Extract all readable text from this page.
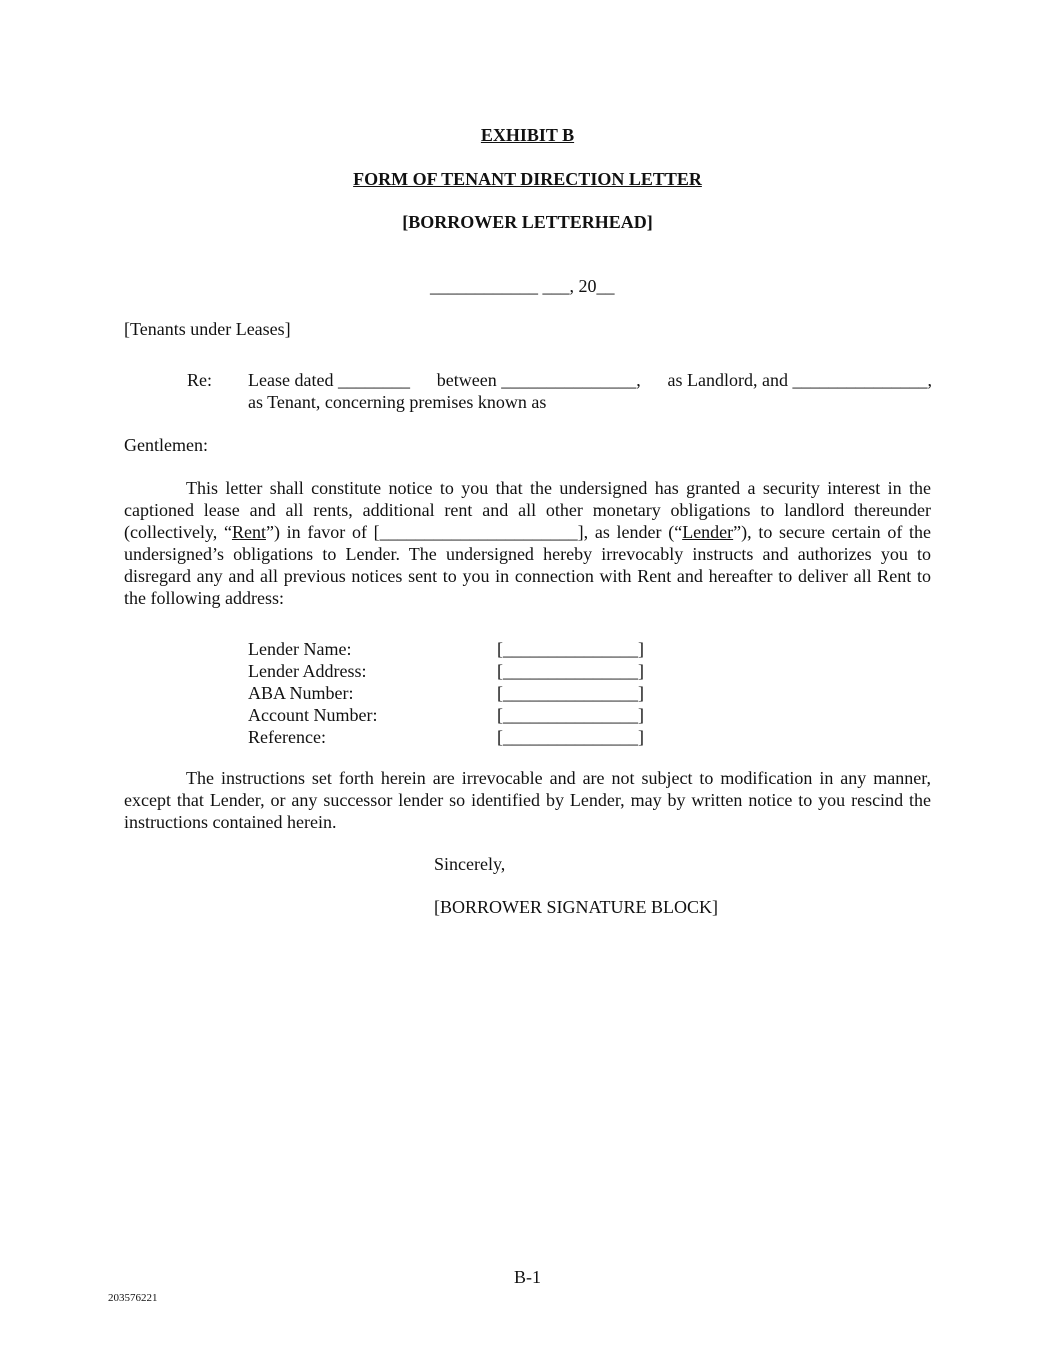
EXHIBIT B
FORM OF TENANT DIRECTION LETTER
[BORROWER LETTERHEAD]
____________ ___, 20__
[Tenants under Leases]
Re: Lease dated ________ between _______________, as Landlord, and _______________,
as Tenant, concerning premises known as
Gentlemen:

This letter shall constitute notice to you that the undersigned has granted a security interest in the captioned lease and all rents, additional rent and all other monetary obligations to landlord thereunder (collectively, “Rent”) in favor of [______________________], as lender (“Lender”), to secure certain of the undersigned’s obligations to Lender. The undersigned hereby irrevocably instructs and authorizes you to disregard any and all previous notices sent to you in connection with Rent and hereafter to deliver all Rent to the following address:

Lender Name:	[_______________]
Lender Address:	[_______________]
ABA Number:	[_______________]
Account Number:	[_______________]
Reference:	[_______________]

The instructions set forth herein are irrevocable and are not subject to modification in any manner, except that Lender, or any successor lender so identified by Lender, may by written notice to you rescind the instructions contained herein.

Sincerely,
[BORROWER SIGNATURE BLOCK]
B-1
203576221
